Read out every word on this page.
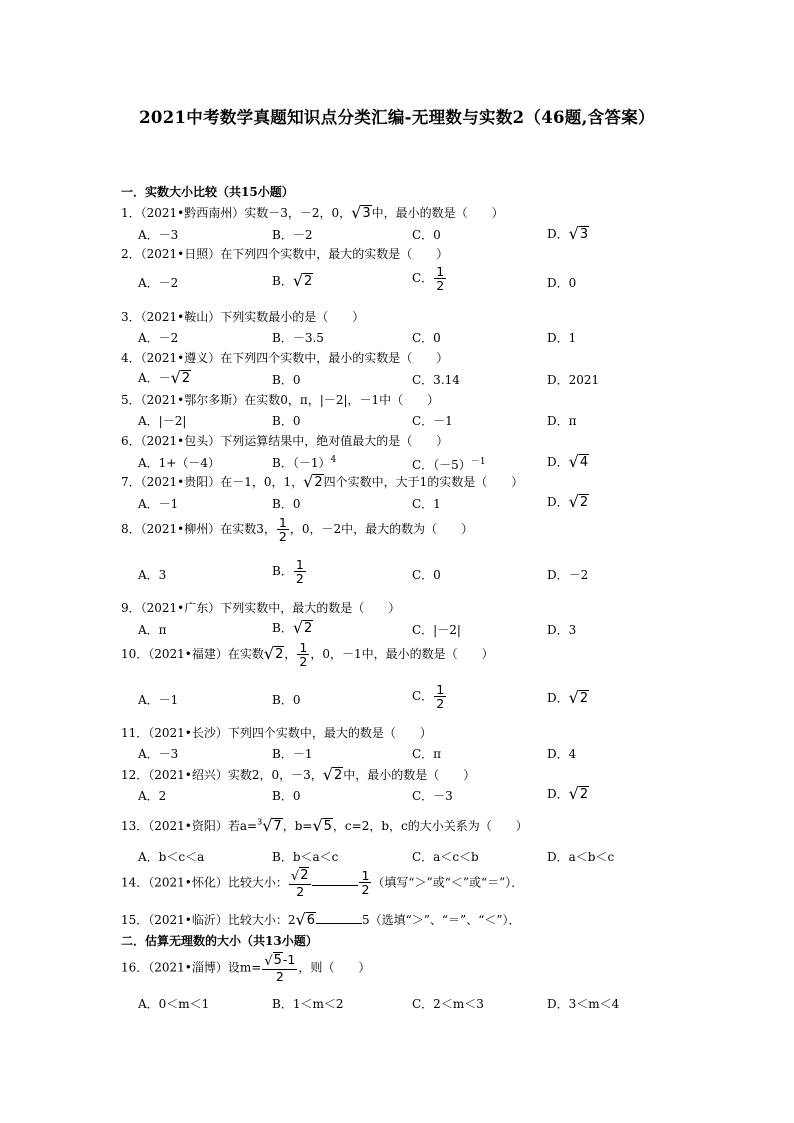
2021中考数学真题知识点分类汇编-无理数与实数2（46题,含答案）
一．实数大小比较（共15小题）
1．（2021•黔西南州）实数－3，－2，0，√3中，最小的数是（　　）
A．－3	B．－2	C．0	D．√3
2．（2021•日照）在下列四个实数中，最大的实数是（　　）
A．－2	B．√2	C． $\frac{1}{2}$	D．0
3．（2021•鞍山）下列实数最小的是（　　）
A．－2	B．－3.5	C．0	D．1
4．（2021•遵义）在下列四个实数中，最小的实数是（　　）
A．－√2	B．0	C．3.14	D．2021
5．（2021•鄂尔多斯）在实数0，π，|－2|，－1中（　　）
A．|－2|	B．0	C．－1	D．π
6．（2021•包头）下列运算结果中，绝对值最大的是（　　）
A．1+（－4）	B．$(-1)^4$	C．$(-5)^{-1}$	D．√4
7．（2021•贵阳）在－1，0，1，√2四个实数中，大于1的实数是（　　）
A．－1	B．0	C．1	D．√2
8．（2021•柳州）在实数3， $\frac{1}{2}$ ，0，－2中，最大的数为（　　）
A．3	B． $\frac{1}{2}$	C．0	D．－2
9．（2021•广东）下列实数中，最大的数是（　　）
A．π	B．√2	C．|－2|	D．3
10．（2021•福建）在实数√2， $\frac{1}{2}$ ，0，－1中，最小的数是（　　）
A．－1	B．0	C． $\frac{1}{2}$	D．√2
11．（2021•长沙）下列四个实数中，最大的数是（　　）
A．－3	B．－1	C．π	D．4
12．（2021•绍兴）实数2，0，－3，√2中，最小的数是（　　）
A．2	B．0	C．－3	D．√2
13．（2021•资阳）若a=$^3$√7，b=√5，c=2，b，c的大小关系为（　　）
A．b＜c＜a	B．b＜a＜c	C．a＜c＜b	D．a＜b＜c
14．（2021•怀化）比较大小： $\frac{√2}{2}$	$\frac{1}{2}$ （填写“＞”或“＜”或“＝”）．
15．（2021•临沂）比较大小：2√6	5（选填“＞”、“＝”、“＜”）．
二．估算无理数的大小（共13小题）
16．（2021•淄博）设$m= \frac{√5-1}{2}$ ，则（　　）
A．0＜m＜1	B．1＜m＜2	C．2＜m＜3	D．3＜m＜4
